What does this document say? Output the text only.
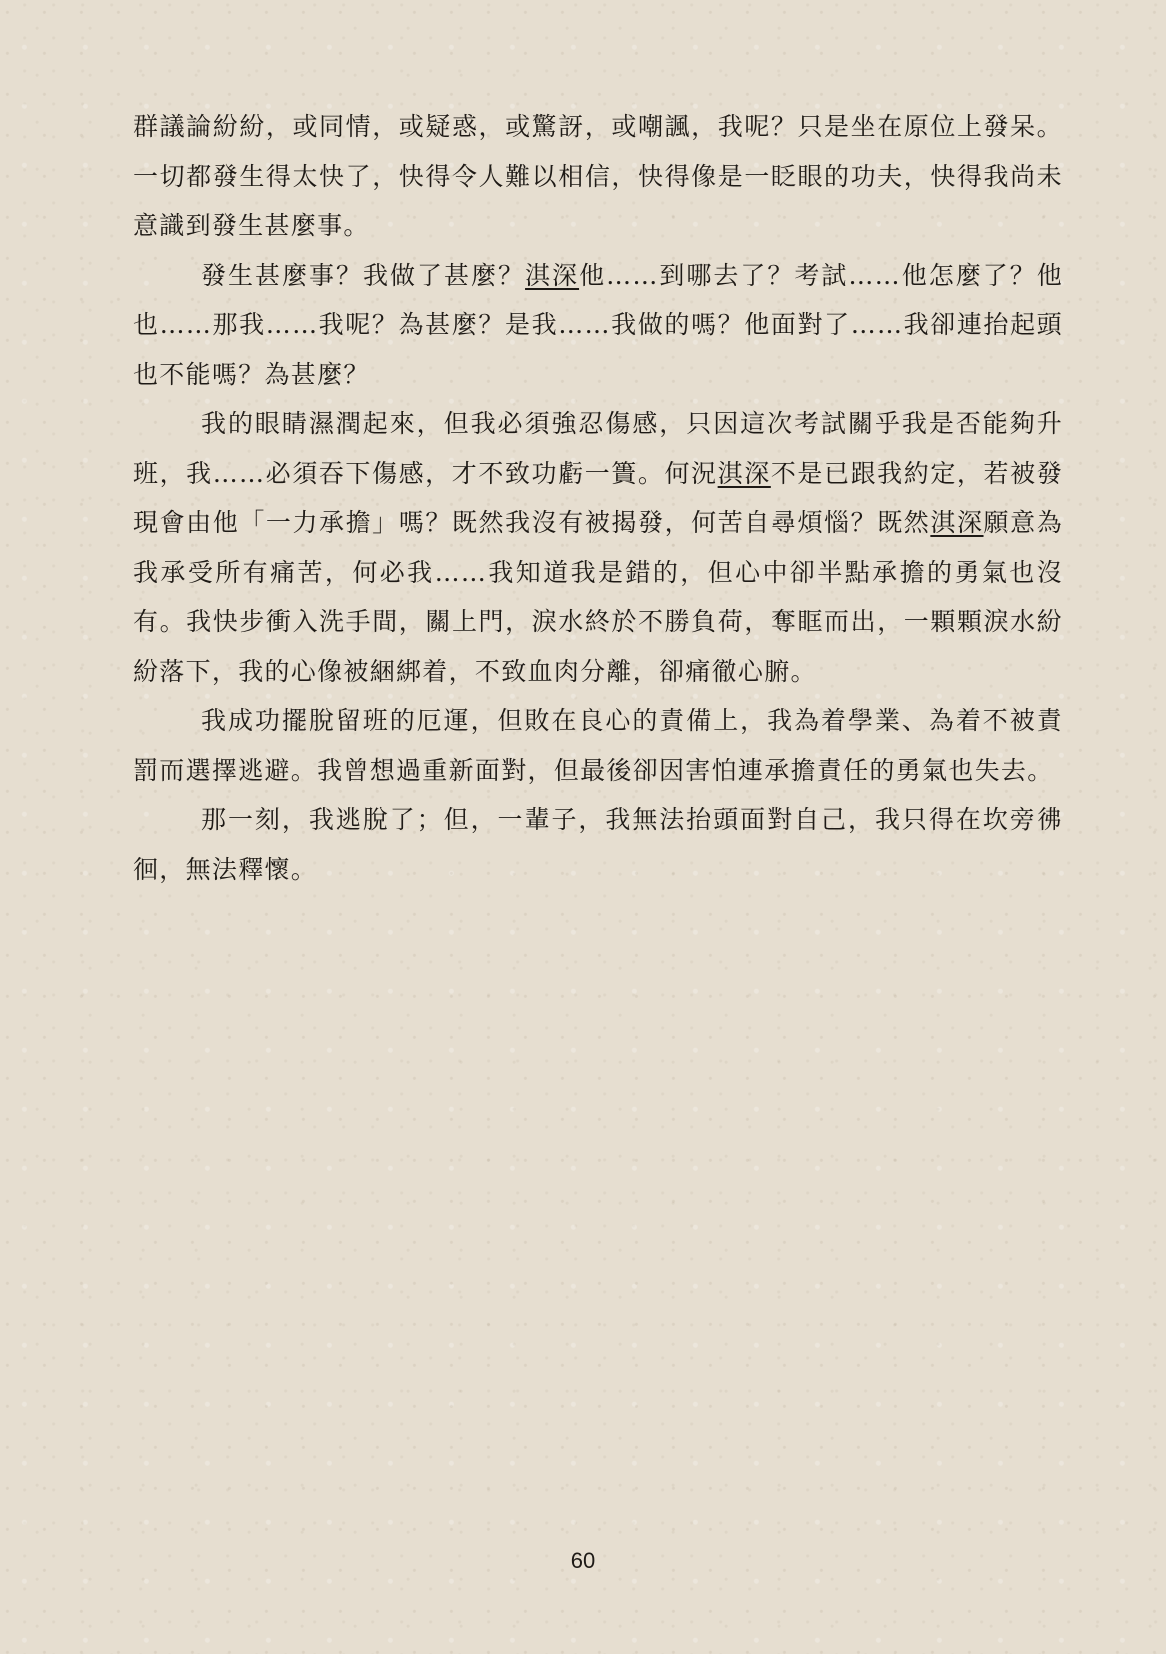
群議論紛紛，或同情，或疑惑，或驚訝，或嘲諷，我呢？只是坐在原位上發呆。一切都發生得太快了，快得令人難以相信，快得像是一眨眼的功夫，快得我尚未意識到發生甚麼事。

發生甚麼事？我做了甚麼？淇深他……到哪去了？考試……他怎麼了？他也……那我……我呢？為甚麼？是我……我做的嗎？他面對了……我卻連抬起頭也不能嗎？為甚麼？

我的眼睛濕潤起來，但我必須強忍傷感，只因這次考試關乎我是否能夠升班，我……必須吞下傷感，才不致功虧一簣。何況淇深不是已跟我約定，若被發現會由他「一力承擔」嗎？既然我沒有被揭發，何苦自尋煩惱？既然淇深願意為我承受所有痛苦，何必我……我知道我是錯的，但心中卻半點承擔的勇氣也沒有。我快步衝入洗手間，關上門，淚水終於不勝負荷，奪眶而出，一顆顆淚水紛紛落下，我的心像被綑綁着，不致血肉分離，卻痛徹心腑。

我成功擺脫留班的厄運，但敗在良心的責備上，我為着學業、為着不被責罰而選擇逃避。我曾想過重新面對，但最後卻因害怕連承擔責任的勇氣也失去。

那一刻，我逃脫了；但，一輩子，我無法抬頭面對自己，我只得在坎旁彿徊，無法釋懷。

60
